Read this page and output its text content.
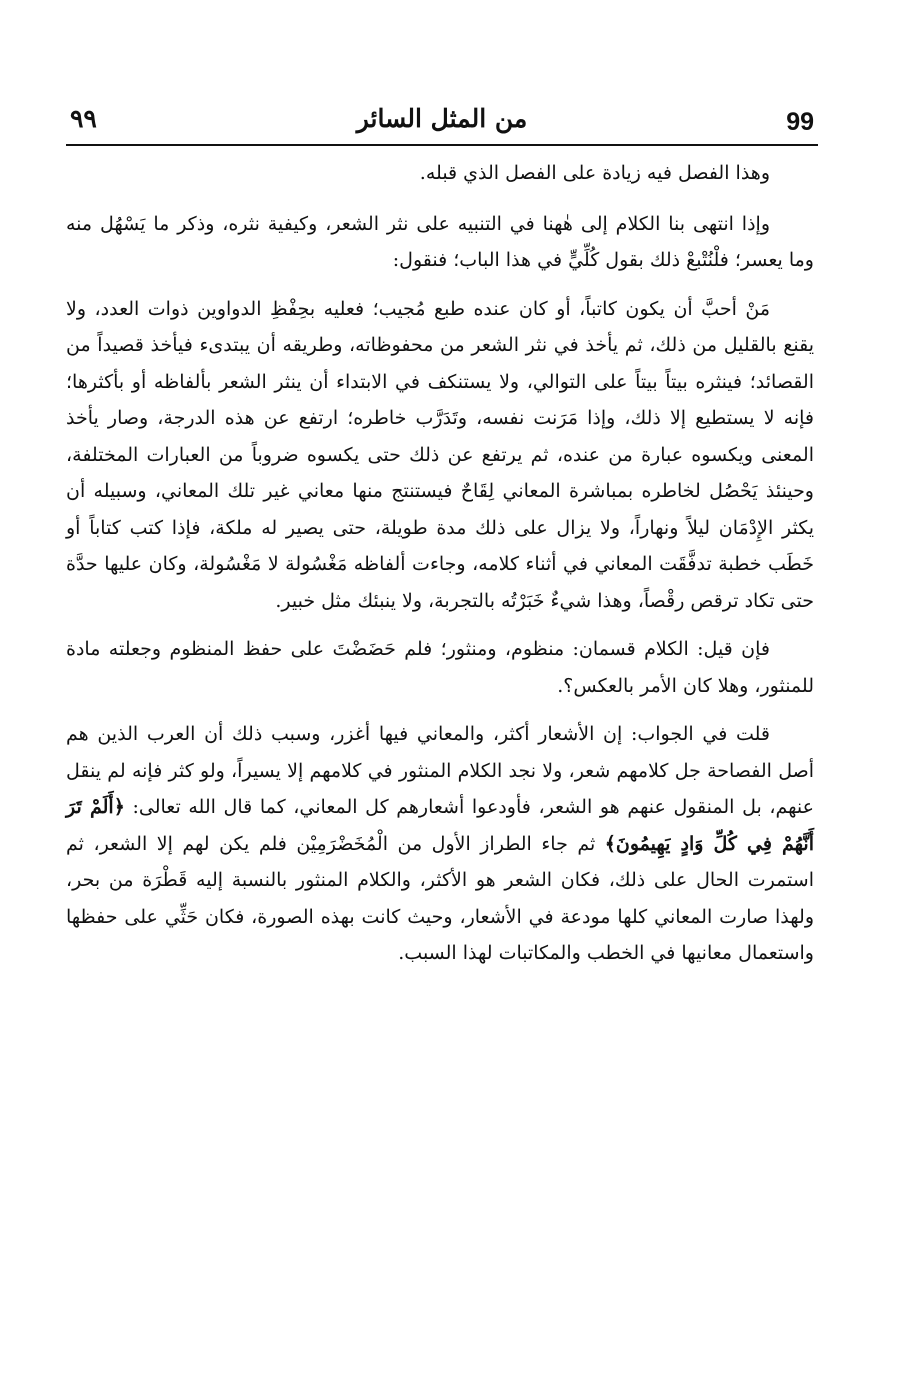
99
من المثل السائر
٩٩

وهذا الفصل فيه زيادة على الفصل الذي قبله.

وإذا انتهى بنا الكلام إلى هٰهنا في التنبيه على نثر الشعر، وكيفية نثره، وذكر ما يَسْهُل منه وما يعسر؛ فلْنُتْبعْ ذلك بقول كُلِّيٍّ في هذا الباب؛ فنقول:

مَنْ أحبَّ أن يكون كاتباً، أو كان عنده طبع مُجيب؛ فعليه بحِفْظِ الدواوين ذوات العدد، ولا يقنع بالقليل من ذلك، ثم يأخذ في نثر الشعر من محفوظاته، وطريقه أن يبتدىء فيأخذ قصيداً من القصائد؛ فينثره بيتاً بيتاً على التوالي، ولا يستنكف في الابتداء أن ينثر الشعر بألفاظه أو بأكثرها؛ فإنه لا يستطيع إلا ذلك، وإذا مَرَنت نفسه، وتَدَرَّب خاطره؛ ارتفع عن هذه الدرجة، وصار يأخذ المعنى ويكسوه عبارة من عنده، ثم يرتفع عن ذلك حتى يكسوه ضروباً من العبارات المختلفة، وحينئذ يَحْصُل لخاطره بمباشرة المعاني لِقَاحٌ فيستنتج منها معاني غير تلك المعاني، وسبيله أن يكثر الإِدْمَان ليلاً ونهاراً، ولا يزال على ذلك مدة طويلة، حتى يصير له ملكة، فإذا كتب كتاباً أو خَطَب خطبة تدفَّقَت المعاني في أثناء كلامه، وجاءت ألفاظه مَغْسُولة لا مَغْسُولة، وكان عليها حدَّة حتى تكاد ترقص رقْصاً، وهذا شيءٌ خَبَرْتُه بالتجربة، ولا ينبئك مثل خبير.

فإن قيل: الكلام قسمان: منظوم، ومنثور؛ فلم حَضَضْتَ على حفظ المنظوم وجعلته مادة للمنثور، وهلا كان الأمر بالعكس؟.

قلت في الجواب: إن الأشعار أكثر، والمعاني فيها أغزر، وسبب ذلك أن العرب الذين هم أصل الفصاحة جل كلامهم شعر، ولا نجد الكلام المنثور في كلامهم إلا يسيراً، ولو كثر فإنه لم ينقل عنهم، بل المنقول عنهم هو الشعر، فأودعوا أشعارهم كل المعاني، كما قال الله تعالى: ﴿أَلَمْ تَرَ أَنَّهُمْ فِي كُلِّ وَادٍ يَهِيمُونَ﴾ ثم جاء الطراز الأول من الْمُخَضْرَمِيْن فلم يكن لهم إلا الشعر، ثم استمرت الحال على ذلك، فكان الشعر هو الأكثر، والكلام المنثور بالنسبة إليه قَطْرَة من بحر، ولهذا صارت المعاني كلها مودعة في الأشعار، وحيث كانت بهذه الصورة، فكان حَثِّي على حفظها واستعمال معانيها في الخطب والمكاتبات لهذا السبب.
